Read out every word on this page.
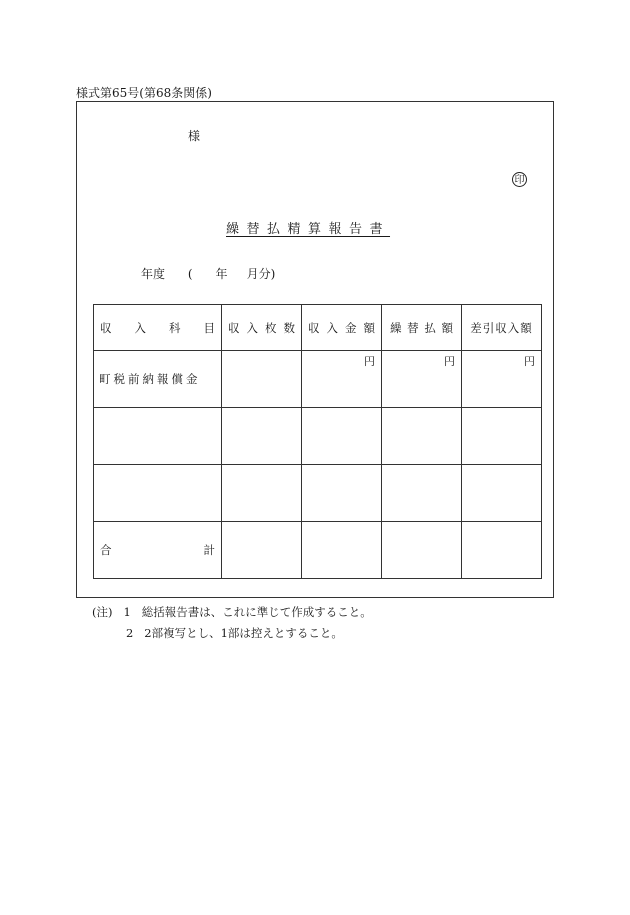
様式第65号(第68条関係)
様
印
繰替払精算報告書
年度 ( 年 月分)
収 入 科 目	収 入 枚 数	収 入 金 額	繰 替 払 額	差引収入額

町税前納報償金		円	円	円

合 計				

(注) 1 総括報告書は、これに準じて作成すること。
2 2部複写とし、1部は控えとすること。
